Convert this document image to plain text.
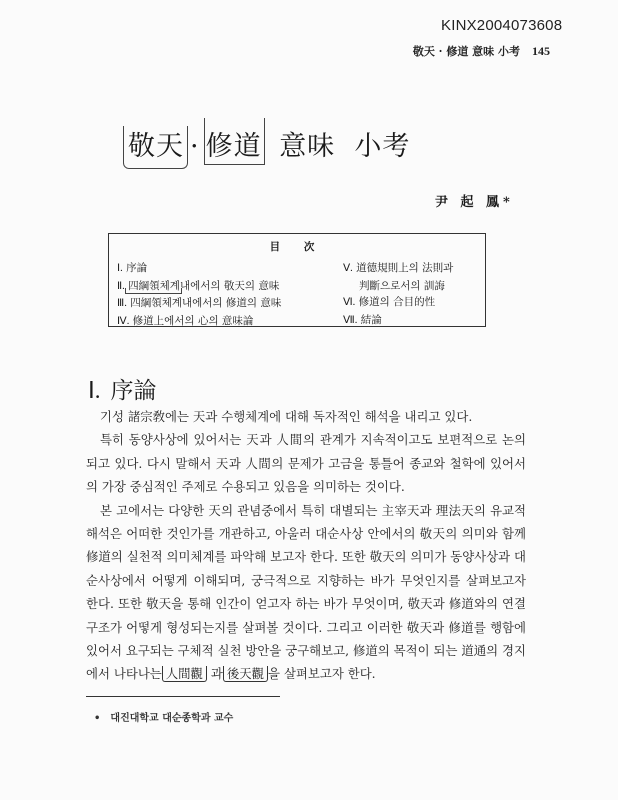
KINX2004073608
敬天 · 修道 意味 小考 145
敬天 · 修道 意味  小考
尹 起 鳳*
目 次
Ⅰ. 序論
Ⅱ. 四綱領체계내에서의 敬天의 意味
Ⅲ. 四綱領체계내에서의 修道의 意味
Ⅳ. 修道上에서의 心의 意味論
Ⅴ. 道德規則上의 法則과
判斷으로서의 訓誨
Ⅵ. 修道의 合目的性
Ⅶ. 結論
Ⅰ. 序論

기성 諸宗敎에는 天과 수행체계에 대해 독자적인 해석을 내리고 있다.

특히 동양사상에 있어서는 天과 人間의 관계가 지속적이고도 보편적으로 논의되고 있다. 다시 말해서 天과 人間의 문제가 고금을 통틀어 종교와 철학에 있어서의 가장 중심적인 주제로 수용되고 있음을 의미하는 것이다.

본 고에서는 다양한 天의 관념중에서 특히 대별되는 主宰天과 理法天의 유교적 해석은 어떠한 것인가를 개관하고, 아울러 대순사상 안에서의 敬天의 의미와 함께 修道의 실천적 의미체계를 파악해 보고자 한다. 또한 敬天의 의미가 동양사상과 대순사상에서 어떻게 이해되며, 궁극적으로 지향하는 바가 무엇인지를 살펴보고자 한다. 또한 敬天을 통해 인간이 얻고자 하는 바가 무엇이며, 敬天과 修道와의 연결구조가 어떻게 형성되는지를 살펴볼 것이다. 그리고 이러한 敬天과 修道를 행함에 있어서 요구되는 구체적 실천 방안을 궁구해보고, 修道의 목적이 되는 道通의 경지에서 나타나는 人間觀 과 後天觀 을 살펴보고자 한다.

• 대진대학교 대순종학과 교수
